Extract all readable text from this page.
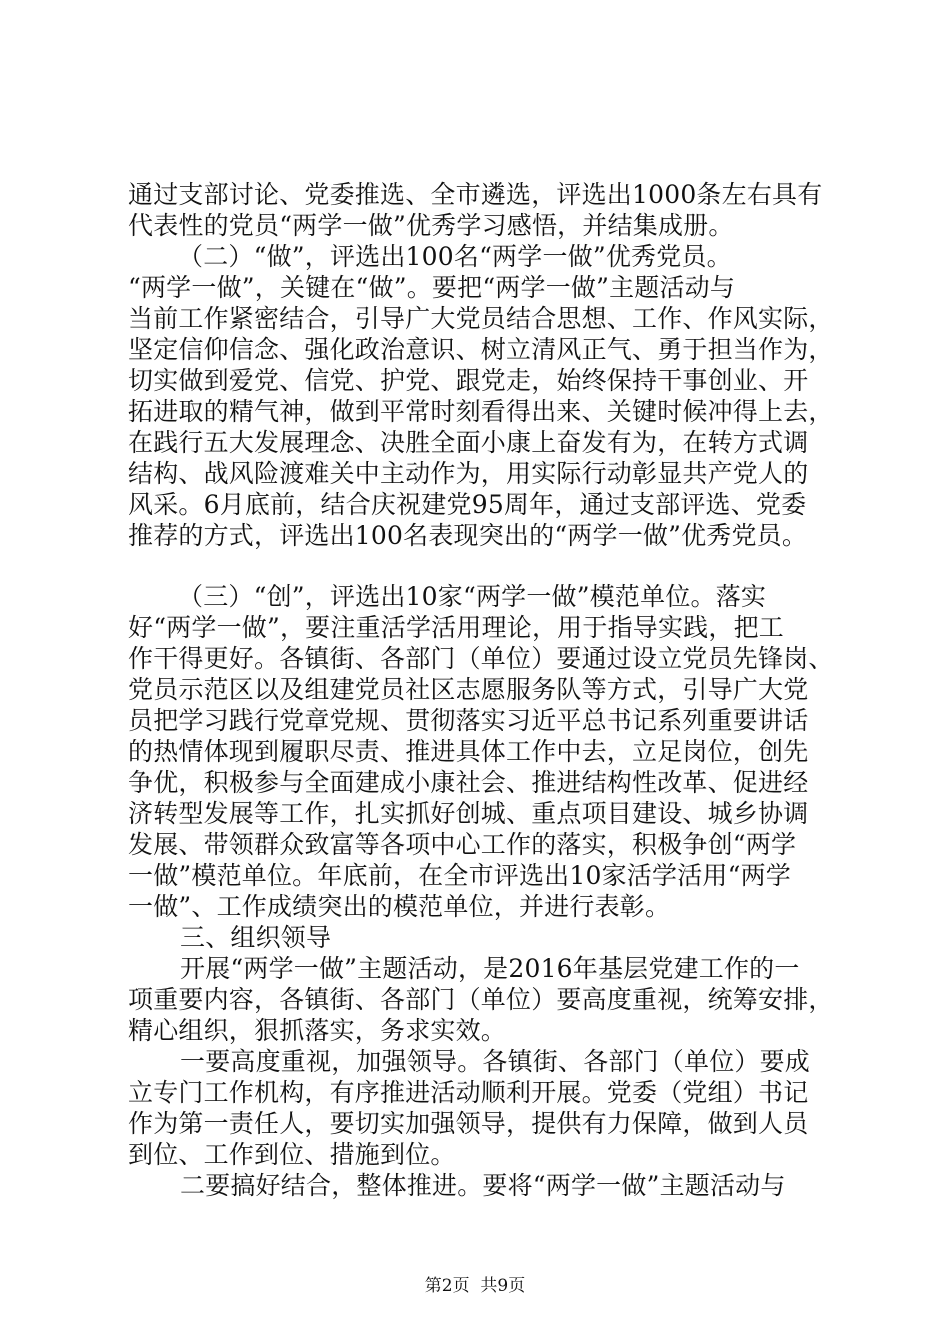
通过支部讨论、党委推选、全市遴选，评选出1000条左右具有
代表性的党员“两学一做”优秀学习感悟，并结集成册。
（二）“做”，评选出100名“两学一做”优秀党员。
“两学一做”，关键在“做”。要把“两学一做”主题活动与
当前工作紧密结合，引导广大党员结合思想、工作、作风实际，
坚定信仰信念、强化政治意识、树立清风正气、勇于担当作为，
切实做到爱党、信党、护党、跟党走，始终保持干事创业、开
拓进取的精气神，做到平常时刻看得出来、关键时候冲得上去，
在践行五大发展理念、决胜全面小康上奋发有为，在转方式调
结构、战风险渡难关中主动作为，用实际行动彰显共产党人的
风采。6月底前，结合庆祝建党95周年，通过支部评选、党委
推荐的方式，评选出100名表现突出的“两学一做”优秀党员。
（三）“创”，评选出10家“两学一做”模范单位。落实
好“两学一做”，要注重活学活用理论，用于指导实践，把工
作干得更好。各镇街、各部门（单位）要通过设立党员先锋岗、
党员示范区以及组建党员社区志愿服务队等方式，引导广大党
员把学习践行党章党规、贯彻落实习近平总书记系列重要讲话
的热情体现到履职尽责、推进具体工作中去，立足岗位，创先
争优，积极参与全面建成小康社会、推进结构性改革、促进经
济转型发展等工作，扎实抓好创城、重点项目建设、城乡协调
发展、带领群众致富等各项中心工作的落实，积极争创“两学
一做”模范单位。年底前，在全市评选出10家活学活用“两学
一做”、工作成绩突出的模范单位，并进行表彰。
三、组织领导
开展“两学一做”主题活动，是2016年基层党建工作的一
项重要内容，各镇街、各部门（单位）要高度重视，统筹安排，
精心组织，狠抓落实，务求实效。
一要高度重视，加强领导。各镇街、各部门（单位）要成
立专门工作机构，有序推进活动顺利开展。党委（党组）书记
作为第一责任人，要切实加强领导，提供有力保障，做到人员
到位、工作到位、措施到位。
二要搞好结合，整体推进。要将“两学一做”主题活动与
第2页  共9页
